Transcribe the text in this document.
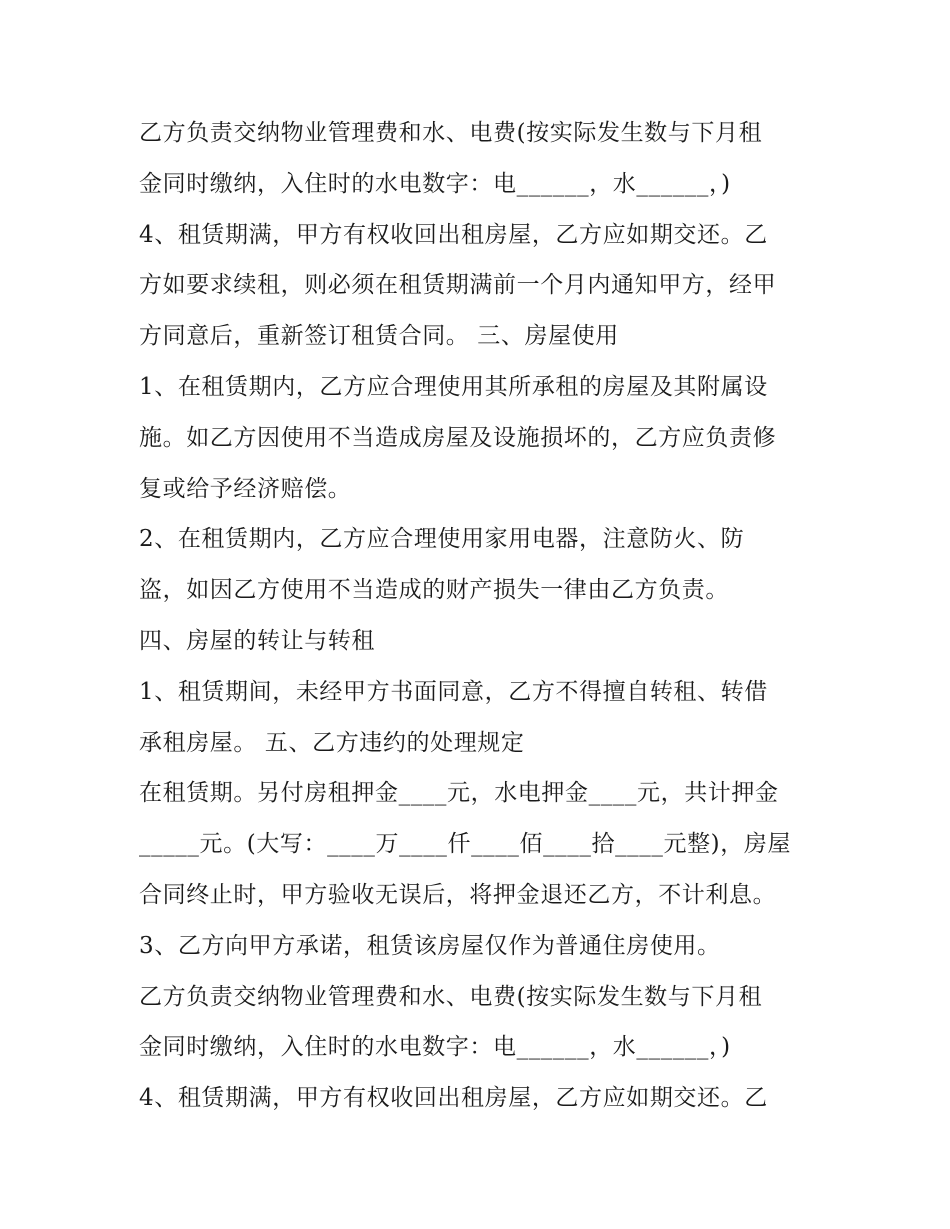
乙方负责交纳物业管理费和水、电费(按实际发生数与下月租
金同时缴纳，入住时的水电数字：电______，水______，)
4、租赁期满，甲方有权收回出租房屋，乙方应如期交还。乙
方如要求续租，则必须在租赁期满前一个月内通知甲方，经甲
方同意后，重新签订租赁合同。 三、房屋使用
1、在租赁期内，乙方应合理使用其所承租的房屋及其附属设
施。如乙方因使用不当造成房屋及设施损坏的，乙方应负责修
复或给予经济赔偿。
2、在租赁期内，乙方应合理使用家用电器，注意防火、防
盗，如因乙方使用不当造成的财产损失一律由乙方负责。
四、房屋的转让与转租
1、租赁期间，未经甲方书面同意，乙方不得擅自转租、转借
承租房屋。 五、乙方违约的处理规定
在租赁期。另付房租押金____元，水电押金____元，共计押金
_____元。(大写：____万____仟____佰____拾____元整)，房屋
合同终止时，甲方验收无误后，将押金退还乙方，不计利息。
3、乙方向甲方承诺，租赁该房屋仅作为普通住房使用。
乙方负责交纳物业管理费和水、电费(按实际发生数与下月租
金同时缴纳，入住时的水电数字：电______，水______，)
4、租赁期满，甲方有权收回出租房屋，乙方应如期交还。乙
